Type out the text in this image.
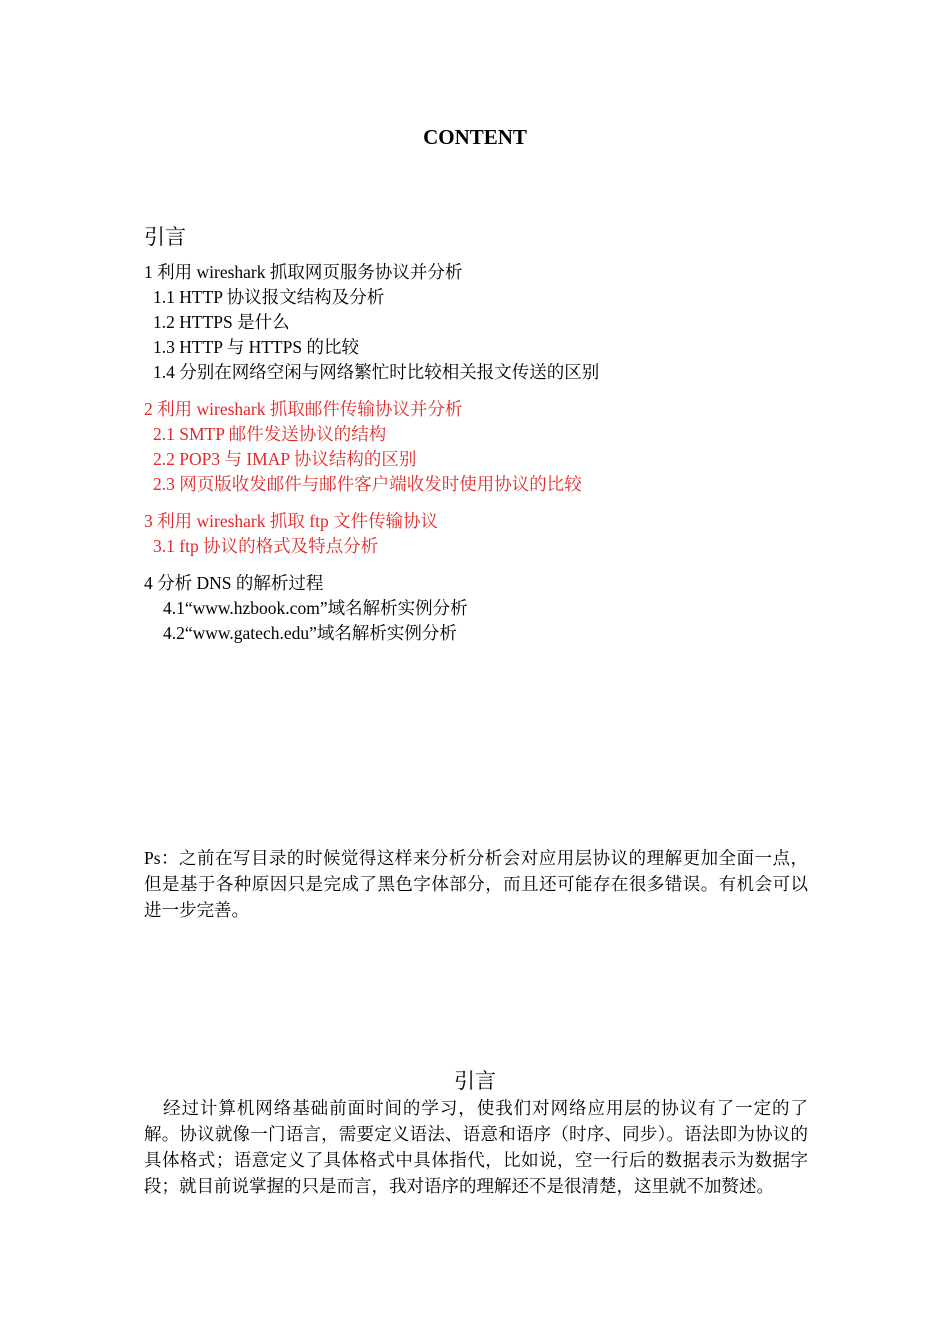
CONTENT
引言
1 利用 wireshark 抓取网页服务协议并分析
1.1 HTTP 协议报文结构及分析
1.2 HTTPS 是什么
1.3 HTTP 与 HTTPS 的比较
1.4 分别在网络空闲与网络繁忙时比较相关报文传送的区别
2 利用 wireshark 抓取邮件传输协议并分析
2.1 SMTP 邮件发送协议的结构
2.2 POP3 与 IMAP 协议结构的区别
2.3 网页版收发邮件与邮件客户端收发时使用协议的比较
3 利用 wireshark 抓取 ftp 文件传输协议
3.1 ftp 协议的格式及特点分析
4 分析 DNS 的解析过程
4.1“www.hzbook.com”域名解析实例分析
4.2“www.gatech.edu”域名解析实例分析
Ps：之前在写目录的时候觉得这样来分析分析会对应用层协议的理解更加全面一点，但是基于各种原因只是完成了黑色字体部分，而且还可能存在很多错误。有机会可以进一步完善。
引言
经过计算机网络基础前面时间的学习，使我们对网络应用层的协议有了一定的了解。协议就像一门语言，需要定义语法、语意和语序（时序、同步）。语法即为协议的具体格式；语意定义了具体格式中具体指代，比如说，空一行后的数据表示为数据字段；就目前说掌握的只是而言，我对语序的理解还不是很清楚，这里就不加赘述。
